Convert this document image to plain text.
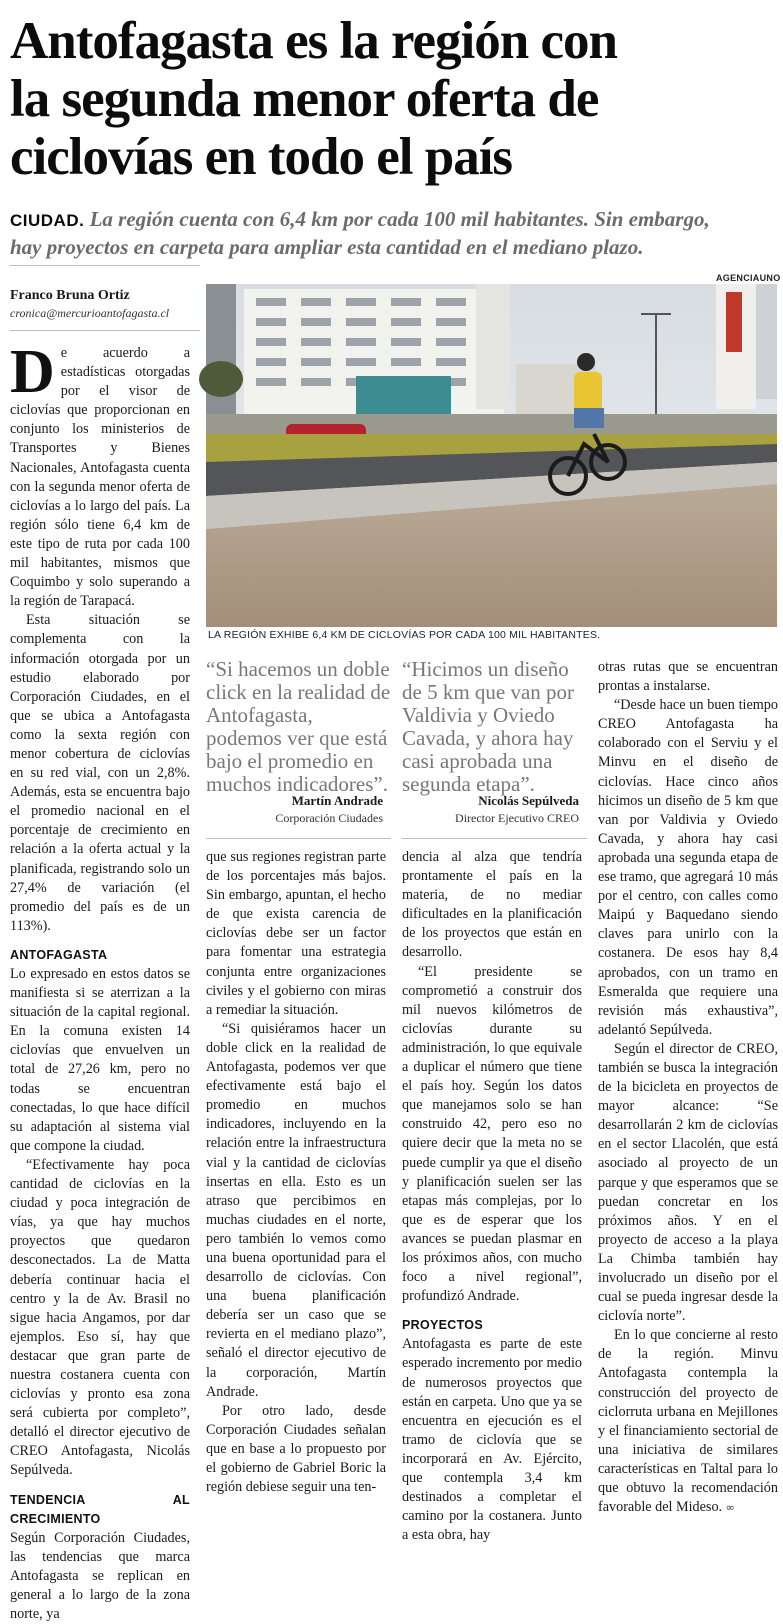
Antofagasta es la región con
la segunda menor oferta de
ciclovías en todo el país
CIUDAD. La región cuenta con 6,4 km por cada 100 mil habitantes. Sin embargo,
hay proyectos en carpeta para ampliar esta cantidad en el mediano plazo.
Franco Bruna Ortiz
cronica@mercurioantofagasta.cl
AGENCIAUNO
LA REGIÓN EXHIBE 6,4 KM DE CICLOVÍAS POR CADA 100 MIL HABITANTES.
“Si hacemos un doble click en la realidad de Antofagasta, podemos ver que está bajo el promedio en muchos indicadores”.
Martín Andrade
Corporación Ciudades
“Hicimos un diseño de 5 km que van por Valdivia y Oviedo Cavada, y ahora hay casi aprobada una segunda etapa”.
Nicolás Sepúlveda
Director Ejecutivo CREO
D e acuerdo a estadísticas otorgadas por el visor de ciclovías que proporcionan en conjunto los ministerios de Transportes y Bienes Nacionales, Antofagasta cuenta con la segunda menor oferta de ciclovías a lo largo del país. La región sólo tiene 6,4 km de este tipo de ruta por cada 100 mil habitantes, mismos que Coquimbo y solo superando a la región de Tarapacá.

Esta situación se complementa con la información otorgada por un estudio elaborado por Corporación Ciudades, en el que se ubica a Antofagasta como la sexta región con menor cobertura de ciclovías en su red vial, con un 2,8%. Además, esta se encuentra bajo el promedio nacional en el porcentaje de crecimiento en relación a la oferta actual y la planificada, registrando solo un 27,4% de variación (el promedio del país es de un 113%).

ANTOFAGASTA

Lo expresado en estos datos se manifiesta si se aterrizan a la situación de la capital regional. En la comuna existen 14 ciclovías que envuelven un total de 27,26 km, pero no todas se encuentran conectadas, lo que hace difícil su adaptación al sistema vial que compone la ciudad.

“Efectivamente hay poca cantidad de ciclovías en la ciudad y poca integración de vías, ya que hay muchos proyectos que quedaron desconectados. La de Matta debería continuar hacia el centro y la de Av. Brasil no sigue hacia Angamos, por dar ejemplos. Eso sí, hay que destacar que gran parte de nuestra costanera cuenta con ciclovías y pronto esa zona será cubierta por completo”, detalló el director ejecutivo de CREO Antofagasta, Nicolás Sepúlveda.

TENDENCIA AL CRECIMIENTO

Según Corporación Ciudades, las tendencias que marca Antofagasta se replican en general a lo largo de la zona norte, ya

que sus regiones registran parte de los porcentajes más bajos. Sin embargo, apuntan, el hecho de que exista carencia de ciclovías debe ser un factor para fomentar una estrategia conjunta entre organizaciones civiles y el gobierno con miras a remediar la situación.

“Si quisiéramos hacer un doble click en la realidad de Antofagasta, podemos ver que efectivamente está bajo el promedio en muchos indicadores, incluyendo en la relación entre la infraestructura vial y la cantidad de ciclovías insertas en ella. Esto es un atraso que percibimos en muchas ciudades en el norte, pero también lo vemos como una buena oportunidad para el desarrollo de ciclovías. Con una buena planificación debería ser un caso que se revierta en el mediano plazo”, señaló el director ejecutivo de la corporación, Martín Andrade.

Por otro lado, desde Corporación Ciudades señalan que en base a lo propuesto por el gobierno de Gabriel Boric la región debiese seguir una ten-

dencia al alza que tendría prontamente el país en la materia, de no mediar dificultades en la planificación de los proyectos que están en desarrollo.

“El presidente se comprometió a construir dos mil nuevos kilómetros de ciclovías durante su administración, lo que equivale a duplicar el número que tiene el país hoy. Según los datos que manejamos solo se han construido 42, pero eso no quiere decir que la meta no se puede cumplir ya que el diseño y planificación suelen ser las etapas más complejas, por lo que es de esperar que los avances se puedan plasmar en los próximos años, con mucho foco a nivel regional”, profundizó Andrade.

PROYECTOS

Antofagasta es parte de este esperado incremento por medio de numerosos proyectos que están en carpeta. Uno que ya se encuentra en ejecución es el tramo de ciclovía que se incorporará en Av. Ejército, que contempla 3,4 km destinados a completar el camino por la costanera. Junto a esta obra, hay

otras rutas que se encuentran prontas a instalarse.

“Desde hace un buen tiempo CREO Antofagasta ha colaborado con el Serviu y el Minvu en el diseño de ciclovías. Hace cinco años hicimos un diseño de 5 km que van por Valdivia y Oviedo Cavada, y ahora hay casi aprobada una segunda etapa de ese tramo, que agregará 10 más por el centro, con calles como Maipú y Baquedano siendo claves para unirlo con la costanera. De esos hay 8,4 aprobados, con un tramo en Esmeralda que requiere una revisión más exhaustiva”, adelantó Sepúlveda.

Según el director de CREO, también se busca la integración de la bicicleta en proyectos de mayor alcance: “Se desarrollarán 2 km de ciclovías en el sector Llacolén, que está asociado al proyecto de un parque y que esperamos que se puedan concretar en los próximos años. Y en el proyecto de acceso a la playa La Chimba también hay involucrado un diseño por el cual se pueda ingresar desde la ciclovía norte”.

En lo que concierne al resto de la región. Minvu Antofagasta contempla la construcción del proyecto de ciclorruta urbana en Mejillones y el financiamiento sectorial de una iniciativa de similares características en Taltal para lo que obtuvo la recomendación favorable del Mideso. ∞
